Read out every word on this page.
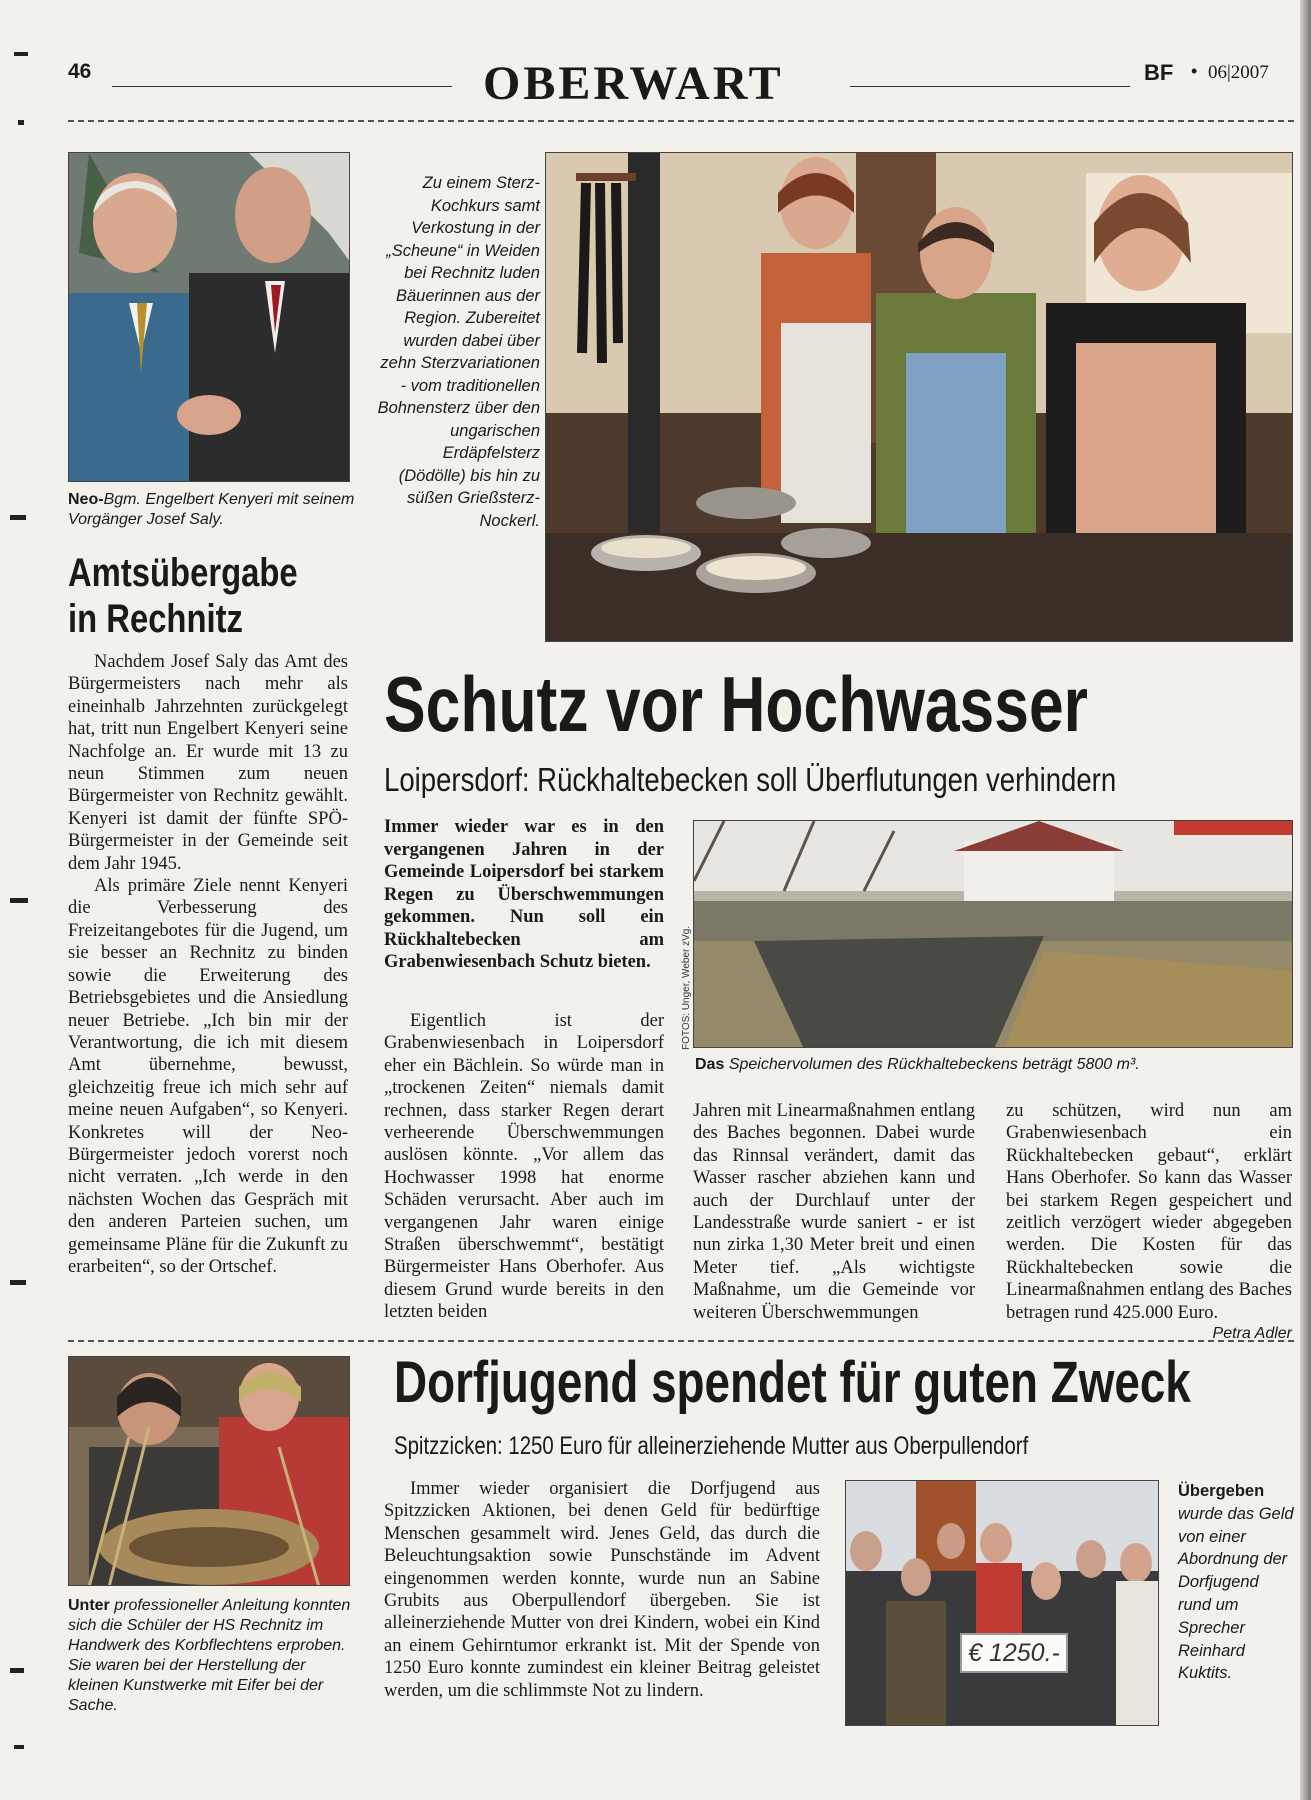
46	OBERWART	BF • 06|2007
Neo-Bgm. Engelbert Kenyeri mit seinem Vorgänger Josef Saly.
Amtsübergabe
in Rechnitz

Nachdem Josef Saly das Amt des Bürgermeisters nach mehr als eineinhalb Jahrzehnten zurückgelegt hat, tritt nun Engelbert Kenyeri seine Nachfolge an. Er wurde mit 13 zu neun Stimmen zum neuen Bürgermeister von Rechnitz gewählt. Kenyeri ist damit der fünfte SPÖ-Bürgermeister in der Gemeinde seit dem Jahr 1945.

Als primäre Ziele nennt Kenyeri die Verbesserung des Freizeitangebotes für die Jugend, um sie besser an Rechnitz zu binden sowie die Erweiterung des Betriebsgebietes und die Ansiedlung neuer Betriebe. „Ich bin mir der Verantwortung, die ich mit diesem Amt übernehme, bewusst, gleichzeitig freue ich mich sehr auf meine neuen Aufgaben“, so Kenyeri. Konkretes will der Neo-Bürgermeister jedoch vorerst noch nicht verraten. „Ich werde in den nächsten Wochen das Gespräch mit den anderen Parteien suchen, um gemeinsame Pläne für die Zukunft zu erarbeiten“, so der Ortschef.

Unter professioneller Anleitung konnten sich die Schüler der HS Rechnitz im Handwerk des Korbflechtens erproben. Sie waren bei der Herstellung der kleinen Kunstwerke mit Eifer bei der Sache.
Zu einem Sterz-Kochkurs samt Verkostung in der „Scheune“ in Weiden bei Rechnitz luden Bäuerinnen aus der Region. Zubereitet wurden dabei über zehn Sterzvariationen - vom traditionellen Bohnensterz über den ungarischen Erdäpfelsterz (Dödölle) bis hin zu süßen Grießsterz-Nockerl.
Schutz vor Hochwasser
Loipersdorf: Rückhaltebecken soll Überflutungen verhindern
Immer wieder war es in den vergangenen Jahren in der Gemeinde Loipersdorf bei starkem Regen zu Überschwemmungen gekommen. Nun soll ein Rückhaltebecken am Grabenwiesenbach Schutz bieten.	FOTOS: Unger, Weber zVg.
Das Speichervolumen des Rückhaltebeckens beträgt 5800 m³.

Eigentlich ist der Grabenwiesenbach in Loipersdorf eher ein Bächlein. So würde man in „trockenen Zeiten“ niemals damit rechnen, dass starker Regen derart verheerende Überschwemmungen auslösen könnte. „Vor allem das Hochwasser 1998 hat enorme Schäden verursacht. Aber auch im vergangenen Jahr waren einige Straßen überschwemmt“, bestätigt Bürgermeister Hans Oberhofer. Aus diesem Grund wurde bereits in den letzten beiden

Jahren mit Linearmaßnahmen entlang des Baches begonnen. Dabei wurde das Rinnsal verändert, damit das Wasser rascher abziehen kann und auch der Durchlauf unter der Landesstraße wurde saniert - er ist nun zirka 1,30 Meter breit und einen Meter tief. „Als wichtigste Maßnahme, um die Gemeinde vor weiteren Überschwemmungen

zu schützen, wird nun am Grabenwiesenbach ein Rückhaltebecken gebaut“, erklärt Hans Oberhofer. So kann das Wasser bei starkem Regen gespeichert und zeitlich verzögert wieder abgegeben werden. Die Kosten für das Rückhaltebecken sowie die Linearmaßnahmen entlang des Baches betragen rund 425.000 Euro.

Petra Adler
Dorfjugend spendet für guten Zweck
Spitzzicken: 1250 Euro für alleinerziehende Mutter aus Oberpullendorf

Immer wieder organisiert die Dorfjugend aus Spitzzicken Aktionen, bei denen Geld für bedürftige Menschen gesammelt wird. Jenes Geld, das durch die Beleuchtungsaktion sowie Punschstände im Advent eingenommen werden konnte, wurde nun an Sabine Grubits aus Oberpullendorf übergeben. Sie ist alleinerziehende Mutter von drei Kindern, wobei ein Kind an einem Gehirntumor erkrankt ist. Mit der Spende von 1250 Euro konnte zumindest ein kleiner Beitrag geleistet werden, um die schlimmste Not zu lindern.

€ 1250.-
Übergeben wurde das Geld von einer Abordnung der Dorfjugend rund um Sprecher Reinhard Kuktits.
